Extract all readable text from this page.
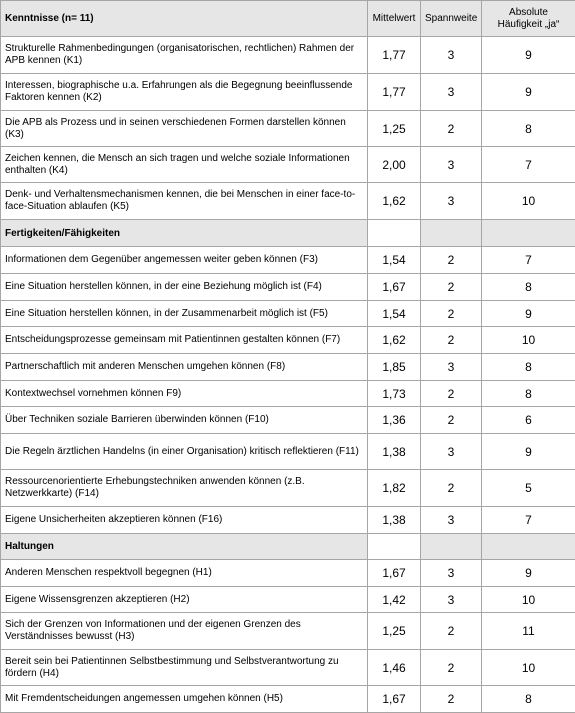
Kenntnisse (n= 11)	Mittelwert	Spannweite	Absolute Häufigkeit „ja“
Strukturelle Rahmenbedingungen (organisatorischen, rechtlichen) Rahmen der APB kennen (K1)	1,77	3	9
Interessen, biographische u.a. Erfahrungen als die Begegnung beeinflussende Faktoren kennen (K2)	1,77	3	9
Die APB als Prozess und in seinen verschiedenen Formen darstellen können (K3)	1,25	2	8
Zeichen kennen, die Mensch an sich tragen und welche soziale Informationen enthalten (K4)	2,00	3	7
Denk- und Verhaltensmechanismen kennen, die bei Menschen in einer face-to-face-Situation ablaufen (K5)	1,62	3	10
Fertigkeiten/Fähigkeiten			
Informationen dem Gegenüber angemessen weiter geben können (F3)	1,54	2	7
Eine Situation herstellen können, in der eine Beziehung möglich ist (F4)	1,67	2	8
Eine Situation herstellen können, in der Zusammenarbeit möglich ist (F5)	1,54	2	9
Entscheidungsprozesse gemeinsam mit Patientinnen gestalten können (F7)	1,62	2	10
Partnerschaftlich mit anderen Menschen umgehen können (F8)	1,85	3	8
Kontextwechsel vornehmen können F9)	1,73	2	8
Über Techniken soziale Barrieren überwinden können (F10)	1,36	2	6
Die Regeln ärztlichen Handelns (in einer Organisation) kritisch reflektieren (F11)	1,38	3	9
Ressourcenorientierte Erhebungstechniken anwenden können (z.B. Netzwerkkarte) (F14)	1,82	2	5
Eigene Unsicherheiten akzeptieren können (F16)	1,38	3	7
Haltungen			
Anderen Menschen respektvoll begegnen (H1)	1,67	3	9
Eigene Wissensgrenzen akzeptieren (H2)	1,42	3	10
Sich der Grenzen von Informationen und der eigenen Grenzen des Verständnisses bewusst (H3)	1,25	2	11
Bereit sein bei Patientinnen Selbstbestimmung und Selbstverantwortung zu fördern (H4)	1,46	2	10
Mit Fremdentscheidungen angemessen umgehen können (H5)	1,67	2	8
